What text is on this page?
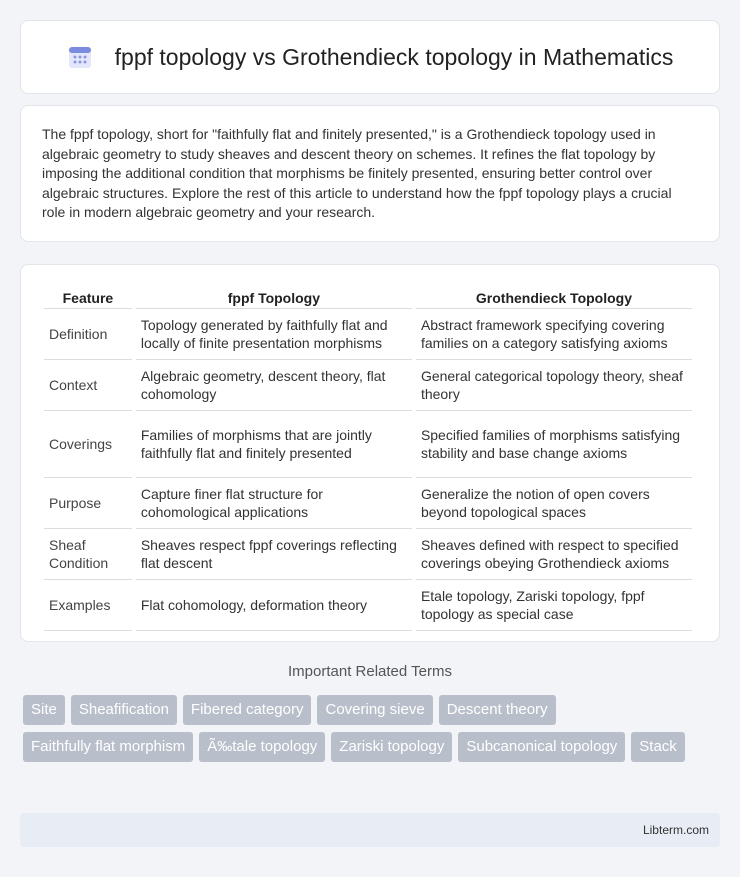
fppf topology vs Grothendieck topology in Mathematics

The fppf topology, short for "faithfully flat and finitely presented," is a Grothendieck topology used in algebraic geometry to study sheaves and descent theory on schemes. It refines the flat topology by imposing the additional condition that morphisms be finitely presented, ensuring better control over algebraic structures. Explore the rest of this article to understand how the fppf topology plays a crucial role in modern algebraic geometry and your research.

Feature	fppf Topology	Grothendieck Topology
Definition	Topology generated by faithfully flat and locally of finite presentation morphisms	Abstract framework specifying covering families on a category satisfying axioms
Context	Algebraic geometry, descent theory, flat cohomology	General categorical topology theory, sheaf theory
Coverings	Families of morphisms that are jointly faithfully flat and finitely presented	Specified families of morphisms satisfying stability and base change axioms
Purpose	Capture finer flat structure for cohomological applications	Generalize the notion of open covers beyond topological spaces
Sheaf Condition	Sheaves respect fppf coverings reflecting flat descent	Sheaves defined with respect to specified coverings obeying Grothendieck axioms
Examples	Flat cohomology, deformation theory	Etale topology, Zariski topology, fppf topology as special case
Important Related Terms
Site	Sheafification	Fibered category	Covering sieve	Descent theory
Faithfully flat morphism	Ã‰tale topology	Zariski topology	Subcanonical topology	Stack
Libterm.com
